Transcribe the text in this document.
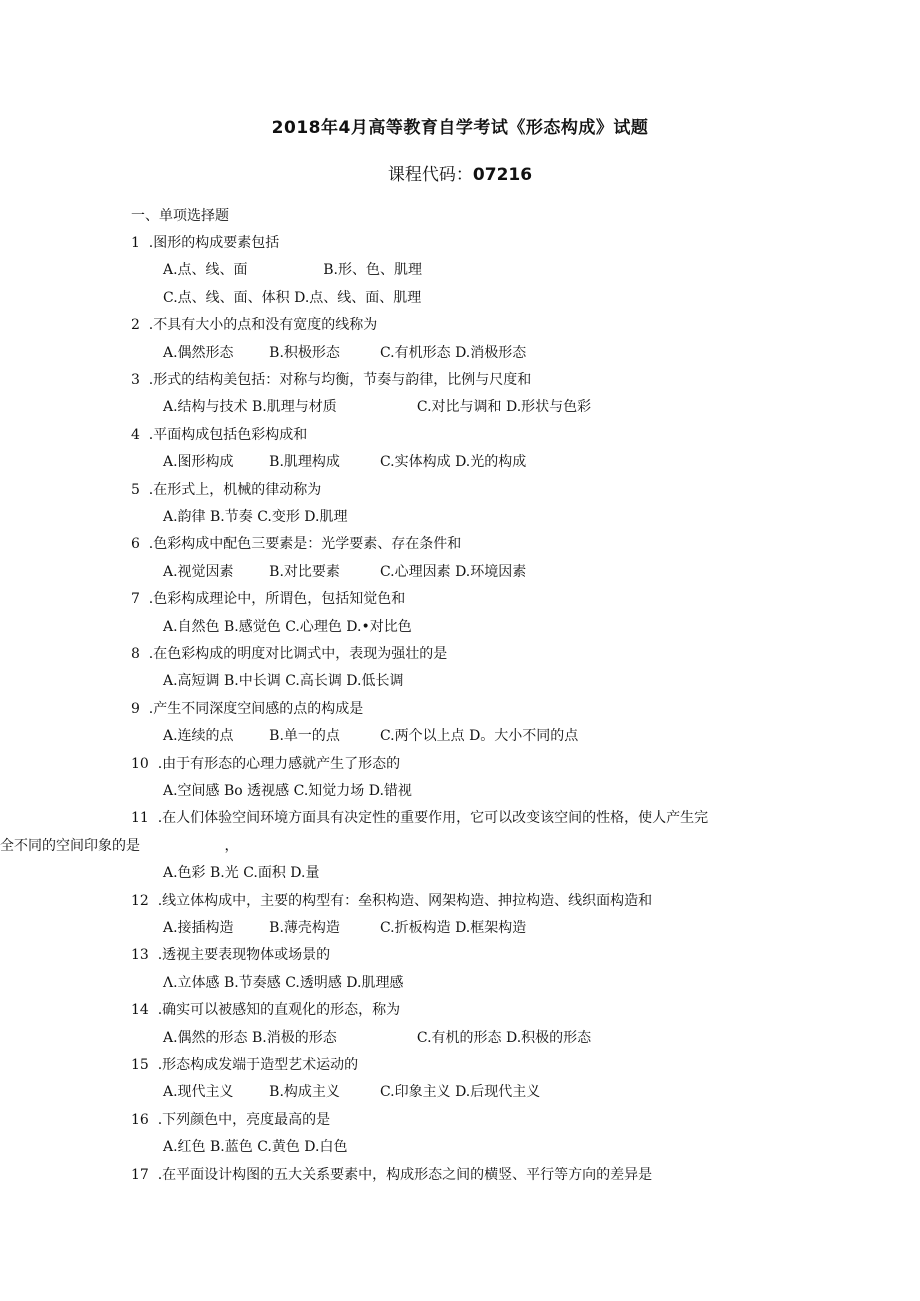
2018年4月高等教育自学考试《形态构成》试题
课程代码：07216
一、单项选择题
1  .图形的构成要素包括
A.点、线、面                 B.形、色、肌理
C.点、线、面、体积 D.点、线、面、肌理
2  .不具有大小的点和没有宽度的线称为
A.偶然形态        B.积极形态         C.有机形态 D.消极形态
3  .形式的结构美包括：对称与均衡，节奏与韵律，比例与尺度和
A.结构与技术 B.肌理与材质                  C.对比与调和 D.形状与色彩
4  .平面构成包括色彩构成和
A.图形构成        B.肌理构成         C.实体构成 D.光的构成
5  .在形式上，机械的律动称为
A.韵律 B.节奏 C.变形 D.肌理
6  .色彩构成中配色三要素是：光学要素、存在条件和
A.视觉因素        B.对比要素         C.心理因素 D.环境因素
7  .色彩构成理论中，所谓色，包括知觉色和
A.自然色 B.感觉色 C.心理色 D.•对比色
8  .在色彩构成的明度对比调式中，表现为强壮的是
A.高短调 B.中长调 C.高长调 D.低长调
9  .产生不同深度空间感的点的构成是
A.连续的点        B.单一的点         C.两个以上点 D。大小不同的点
10  .由于有形态的心理力感就产生了形态的
A.空间感 Bo 透视感 C.知觉力场 D.错视
11  .在人们体验空间环境方面具有决定性的重要作用，它可以改变该空间的性格，使人产生完
全不同的空间印象的是                   ，
A.色彩 B.光 C.面积 D.量
12  .线立体构成中，主要的构型有：垒积构造、网架构造、抻拉构造、线织面构造和
A.接插构造        B.薄壳构造         C.折板构造 D.框架构造
13  .透视主要表现物体或场景的
Λ.立体感 B.节奏感 C.透明感 D.肌理感
14  .确实可以被感知的直观化的形态，称为
A.偶然的形态 B.消极的形态                  C.有机的形态 D.积极的形态
15  .形态构成发端于造型艺术运动的
A.现代主义        B.构成主义         C.印象主义 D.后现代主义
16  .下列颜色中，亮度最高的是
A.红色 B.蓝色 C.黄色 D.白色
17  .在平面设计构图的五大关系要素中，构成形态之间的横竖、平行等方向的差异是
